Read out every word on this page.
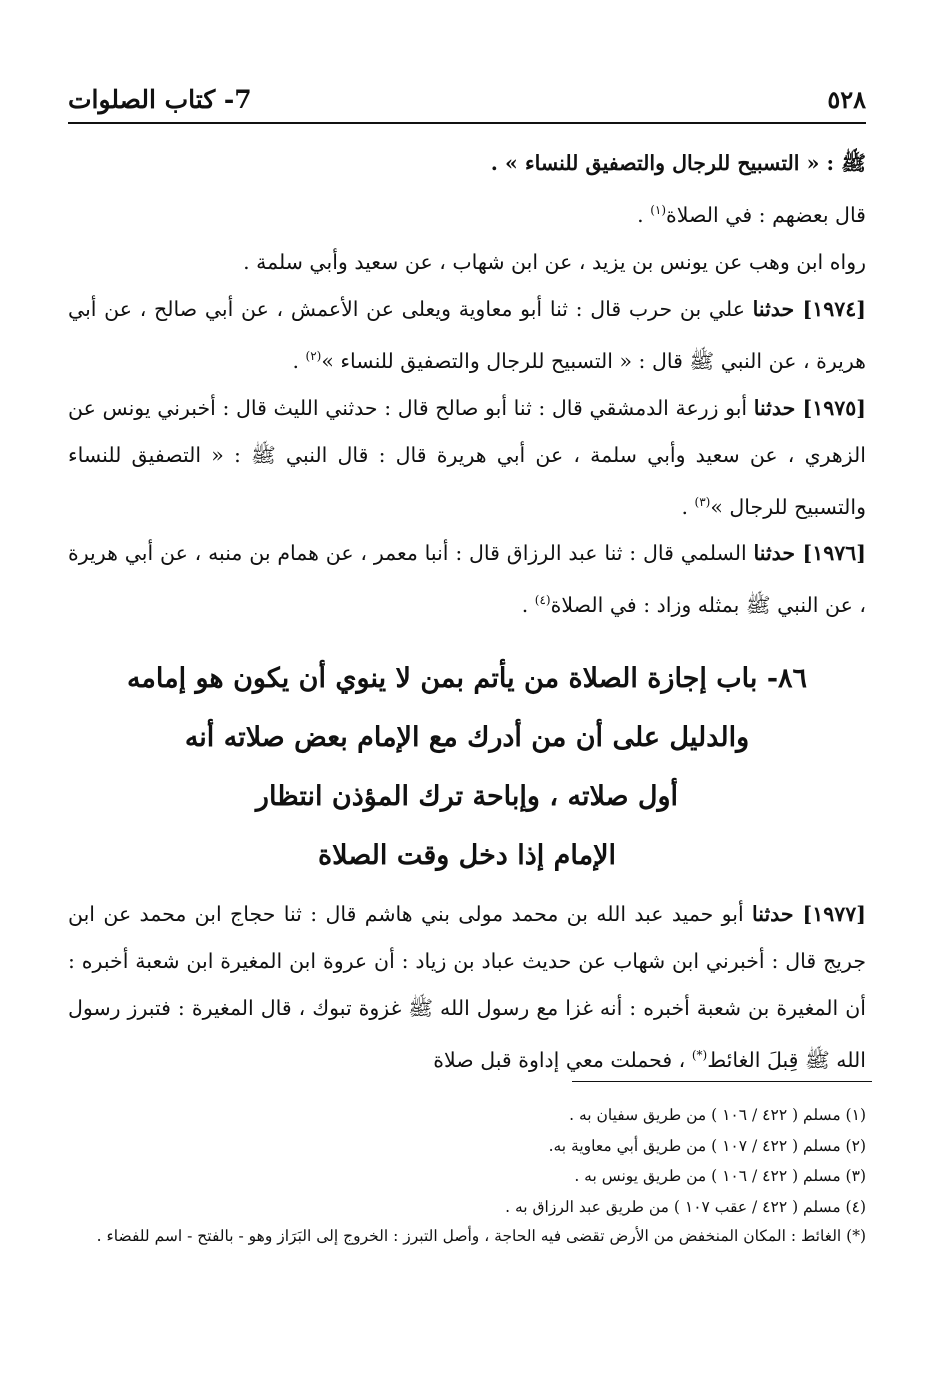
٥٢٨
7- كتاب الصلوات

ﷺ : « التسبيح للرجال والتصفيق للنساء » .

قال بعضهم : في الصلاة$^{(١)}$ .

رواه ابن وهب عن يونس بن يزيد ، عن ابن شهاب ، عن سعيد وأبي سلمة .

[١٩٧٤] حدثنا علي بن حرب قال : ثنا أبو معاوية ويعلى عن الأعمش ، عن أبي صالح ، عن أبي هريرة ، عن النبي ﷺ قال : « التسبيح للرجال والتصفيق للنساء »$^{(٢)}$ .

[١٩٧٥] حدثنا أبو زرعة الدمشقي قال : ثنا أبو صالح قال : حدثني الليث قال : أخبرني يونس عن الزهري ، عن سعيد وأبي سلمة ، عن أبي هريرة قال : قال النبي ﷺ : « التصفيق للنساء والتسبيح للرجال »$^{(٣)}$ .

[١٩٧٦] حدثنا السلمي قال : ثنا عبد الرزاق قال : أنبا معمر ، عن همام بن منبه ، عن أبي هريرة ، عن النبي ﷺ بمثله وزاد : في الصلاة$^{(٤)}$ .

٨٦- باب إجازة الصلاة من يأتم بمن لا ينوي أن يكون هو إمامه
والدليل على أن من أدرك مع الإمام بعض صلاته أنه
أول صلاته ، وإباحة ترك المؤذن انتظار
الإمام إذا دخل وقت الصلاة

[١٩٧٧] حدثنا أبو حميد عبد الله بن محمد مولى بني هاشم قال : ثنا حجاج ابن محمد عن ابن جريج قال : أخبرني ابن شهاب عن حديث عباد بن زياد : أن عروة ابن المغيرة ابن شعبة أخبره : أن المغيرة بن شعبة أخبره : أنه غزا مع رسول الله ﷺ غزوة تبوك ، قال المغيرة : فتبرز رسول الله ﷺ قِبلَ الغائط(*) ، فحملت معي إداوة قبل صلاة

(١) مسلم ( ٤٢٢ / ١٠٦ ) من طريق سفيان به .

(٢) مسلم ( ٤٢٢ / ١٠٧ ) من طريق أبي معاوية به.

(٣) مسلم ( ٤٢٢ / ١٠٦ ) من طريق يونس به .

(٤) مسلم ( ٤٢٢ / عقب ١٠٧ ) من طريق عبد الرزاق به .

(*) الغائط : المكان المنخفض من الأرض تقضى فيه الحاجة ، وأصل التبرز : الخروج إلى البَرَاز وهو - بالفتح - اسم للفضاء .
